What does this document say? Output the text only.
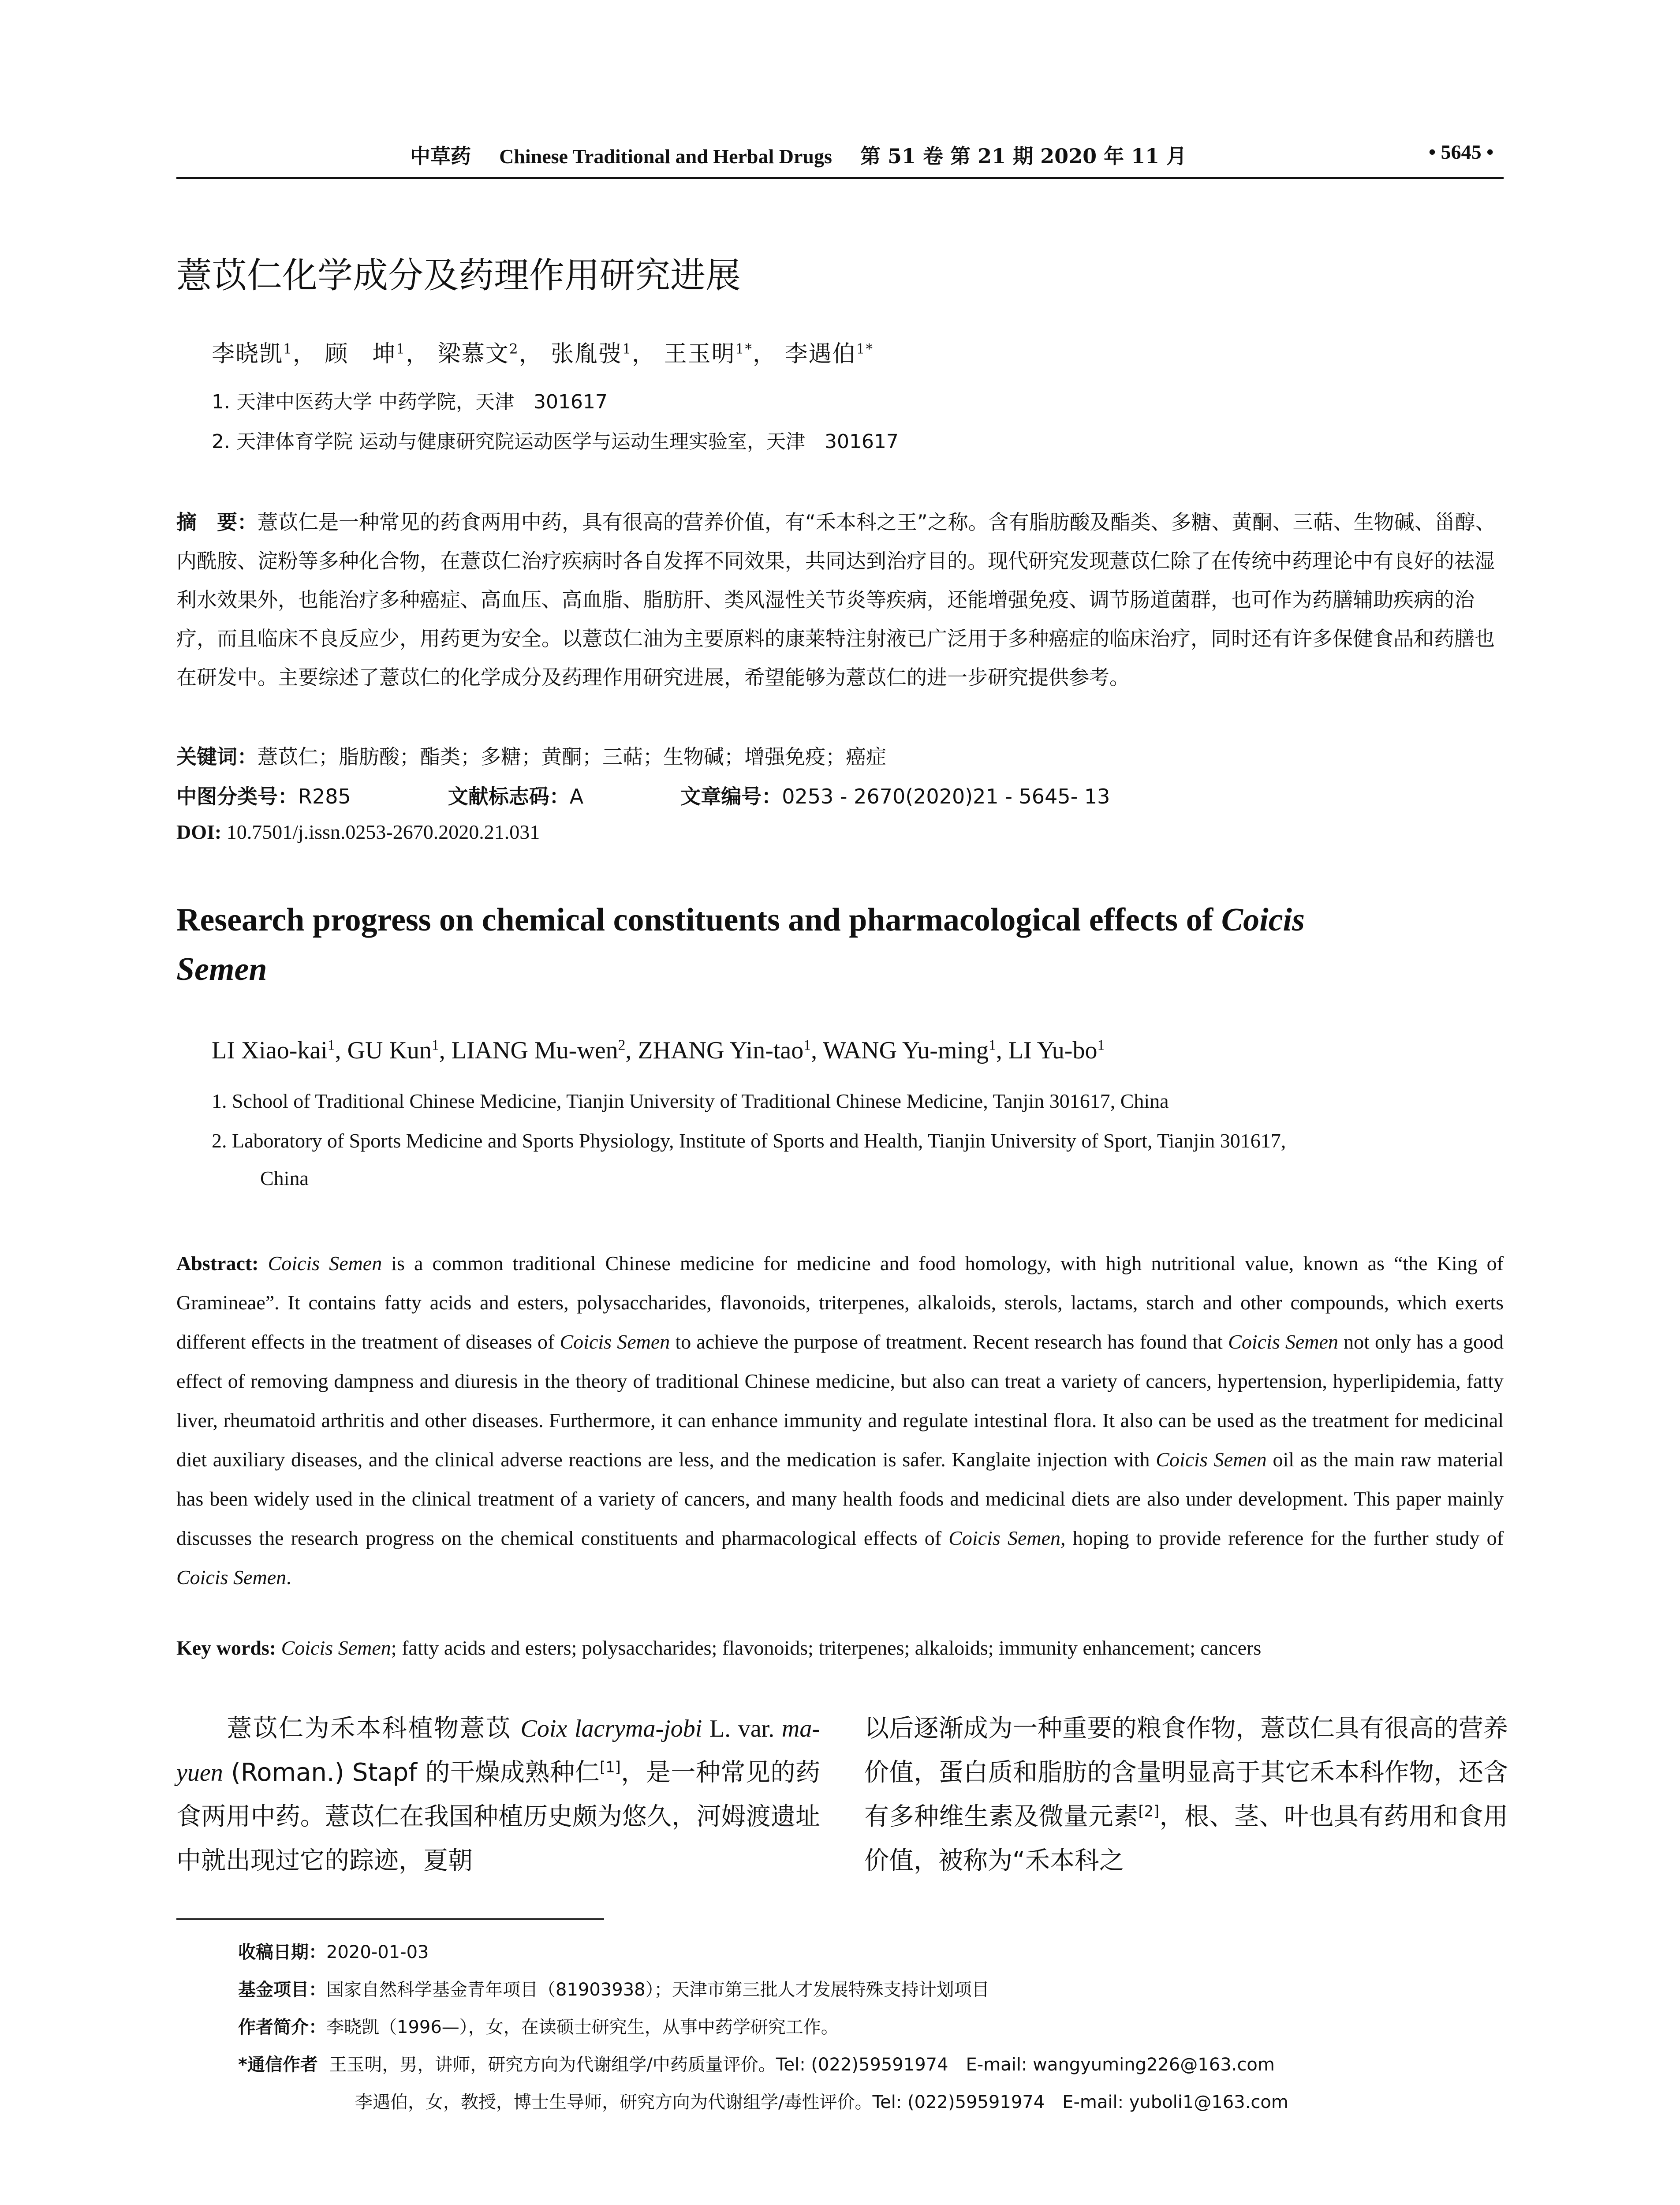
中草药 Chinese Traditional and Herbal Drugs 第 51 卷 第 21 期 2020 年 11 月	• 5645 •
薏苡仁化学成分及药理作用研究进展
李晓凯$^1$， 顾　坤$^1$， 梁慕文$^2$， 张胤弢$^1$， 王玉明$^{1*}$， 李遇伯$^{1*}$
1. 天津中医药大学 中药学院，天津　301617
2. 天津体育学院 运动与健康研究院运动医学与运动生理实验室，天津　301617
摘　要：薏苡仁是一种常见的药食两用中药，具有很高的营养价值，有“禾本科之王”之称。含有脂肪酸及酯类、多糖、黄酮、三萜、生物碱、甾醇、内酰胺、淀粉等多种化合物，在薏苡仁治疗疾病时各自发挥不同效果，共同达到治疗目的。现代研究发现薏苡仁除了在传统中药理论中有良好的祛湿利水效果外，也能治疗多种癌症、高血压、高血脂、脂肪肝、类风湿性关节炎等疾病，还能增强免疫、调节肠道菌群，也可作为药膳辅助疾病的治疗，而且临床不良反应少，用药更为安全。以薏苡仁油为主要原料的康莱特注射液已广泛用于多种癌症的临床治疗，同时还有许多保健食品和药膳也在研发中。主要综述了薏苡仁的化学成分及药理作用研究进展，希望能够为薏苡仁的进一步研究提供参考。
关键词：薏苡仁；脂肪酸；酯类；多糖；黄酮；三萜；生物碱；增强免疫；癌症
中图分类号：R285	文献标志码：A	文章编号：0253 - 2670(2020)21 - 5645- 13
DOI: 10.7501/j.issn.0253-2670.2020.21.031
Research progress on chemical constituents and pharmacological effects of Coicis
Semen
LI Xiao-kai$^1$, GU Kun$^1$, LIANG Mu-wen$^2$, ZHANG Yin-tao$^1$, WANG Yu-ming$^1$, LI $Yu-bo^1$
1. School of Traditional Chinese Medicine, Tianjin University of Traditional Chinese Medicine, Tanjin 301617, China
2. Laboratory of Sports Medicine and Sports Physiology, Institute of Sports and Health, Tianjin University of Sport, Tianjin 301617,
China
Abstract: Coicis Semen is a common traditional Chinese medicine for medicine and food homology, with high nutritional value, known as “the King of Gramineae”. It contains fatty acids and esters, polysaccharides, flavonoids, triterpenes, alkaloids, sterols, lactams, starch and other compounds, which exerts different effects in the treatment of diseases of Coicis Semen to achieve the purpose of treatment. Recent research has found that Coicis Semen not only has a good effect of removing dampness and diuresis in the theory of traditional Chinese medicine, but also can treat a variety of cancers, hypertension, hyperlipidemia, fatty liver, rheumatoid arthritis and other diseases. Furthermore, it can enhance immunity and regulate intestinal flora. It also can be used as the treatment for medicinal diet auxiliary diseases, and the clinical adverse reactions are less, and the medication is safer. Kanglaite injection with Coicis Semen oil as the main raw material has been widely used in the clinical treatment of a variety of cancers, and many health foods and medicinal diets are also under development. This paper mainly discusses the research progress on the chemical constituents and pharmacological effects of Coicis Semen, hoping to provide reference for the further study of Coicis Semen.
Key words: Coicis Semen; fatty acids and esters; polysaccharides; flavonoids; triterpenes; alkaloids; immunity enhancement; cancers
薏苡仁为禾本科植物薏苡 Coix lacryma-jobi L. var. ma-yuen (Roman.) Stapf 的干燥成熟种仁[1]，是一种常见的药食两用中药。薏苡仁在我国种植历史颇为悠久，河姆渡遗址中就出现过它的踪迹，夏朝
以后逐渐成为一种重要的粮食作物，薏苡仁具有很高的营养价值，蛋白质和脂肪的含量明显高于其它禾本科作物，还含有多种维生素及微量元素[2]，根、茎、叶也具有药用和食用价值，被称为“禾本科之
收稿日期：2020-01-03
基金项目：国家自然科学基金青年项目（81903938）；天津市第三批人才发展特殊支持计划项目
作者简介：李晓凯（1996—），女，在读硕士研究生，从事中药学研究工作。
*通信作者 王玉明，男，讲师，研究方向为代谢组学/中药质量评价。Tel: (022)59591974　E-mail: wangyuming226@163.com
李遇伯，女，教授，博士生导师，研究方向为代谢组学/毒性评价。Tel: (022)59591974　E-mail: yuboli1@163.com
